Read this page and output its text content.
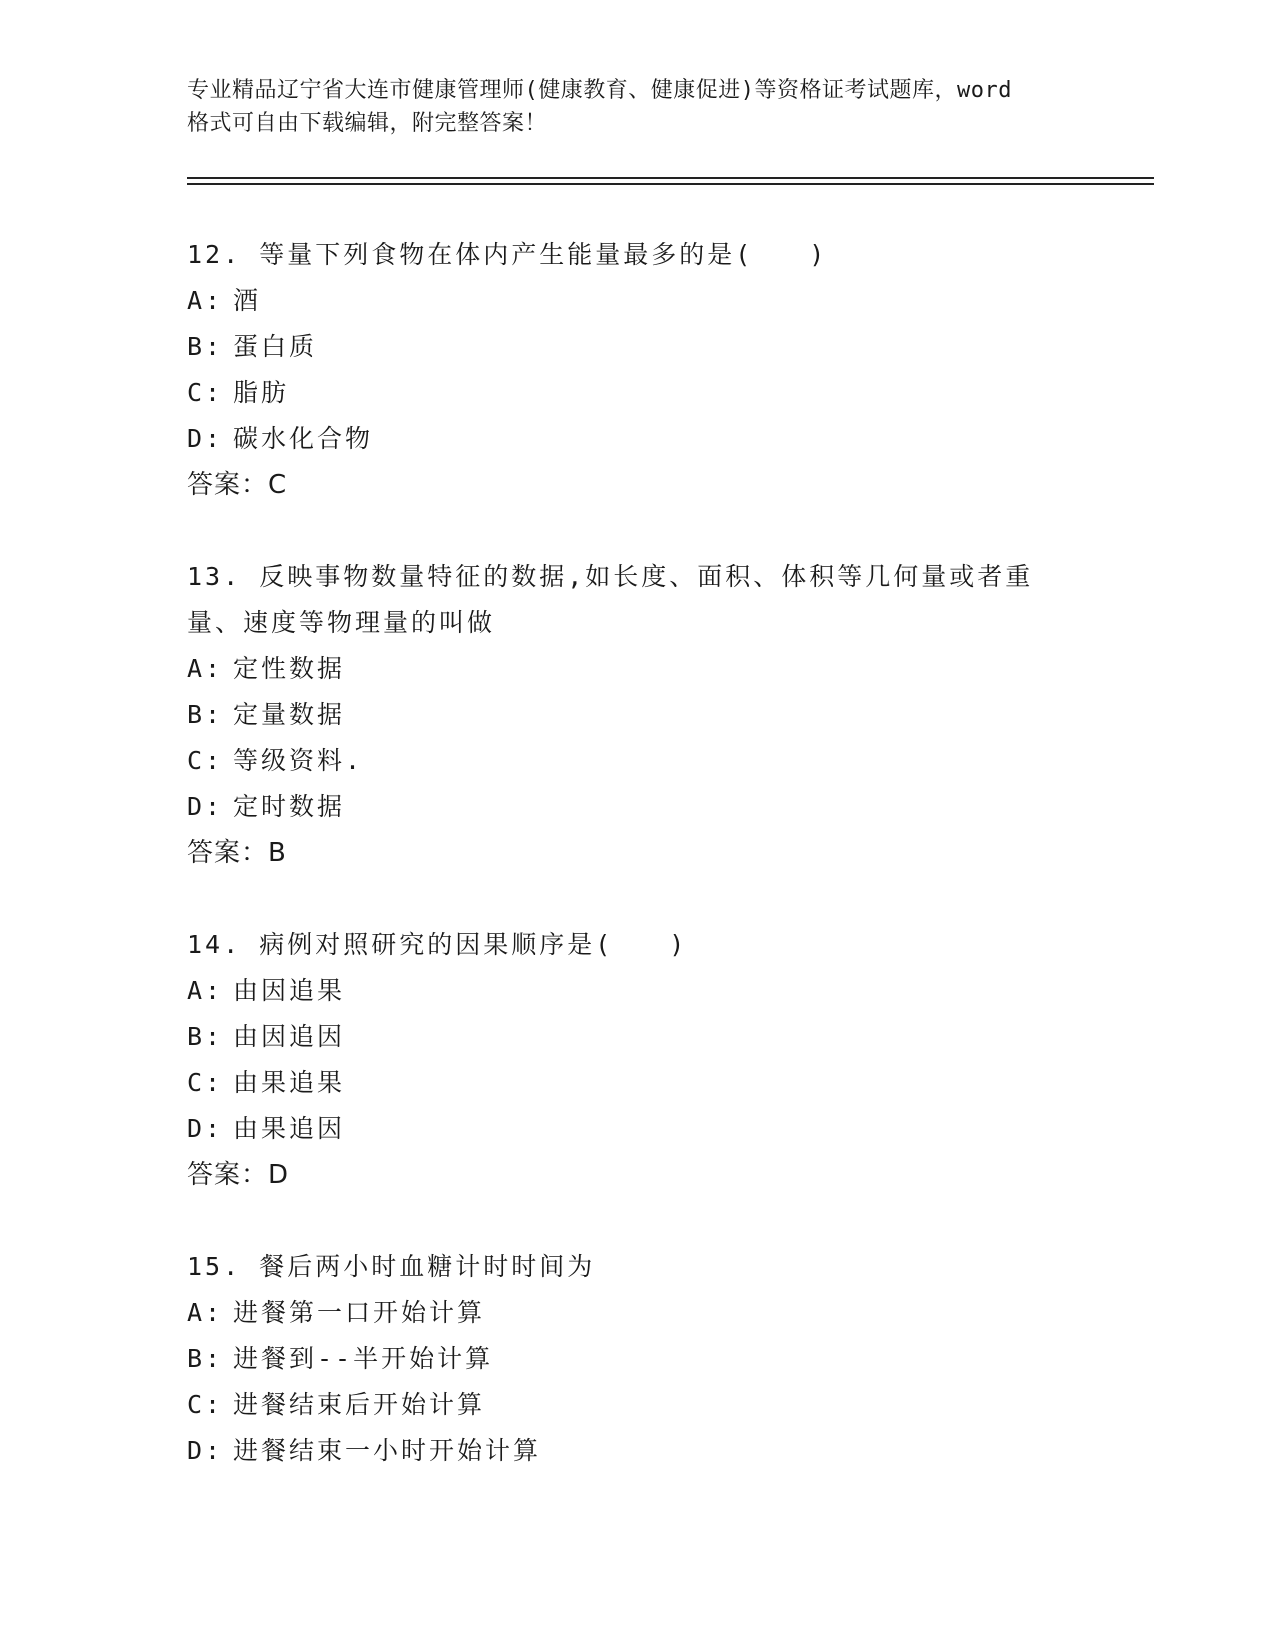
专业精品辽宁省大连市健康管理师(健康教育、健康促进)等资格证考试题库，word
格式可自由下载编辑，附完整答案！
12. 等量下列食物在体内产生能量最多的是(　　)
A: 酒
B: 蛋白质
C: 脂肪
D: 碳水化合物
答案：C
13. 反映事物数量特征的数据,如长度、面积、体积等几何量或者重量、速度等物理量的叫做
A: 定性数据
B: 定量数据
C: 等级资料.
D: 定时数据
答案：B
14. 病例对照研究的因果顺序是(　　)
A: 由因追果
B: 由因追因
C: 由果追果
D: 由果追因
答案：D
15. 餐后两小时血糖计时时间为
A: 进餐第一口开始计算
B: 进餐到--半开始计算
C: 进餐结束后开始计算
D: 进餐结束一小时开始计算
